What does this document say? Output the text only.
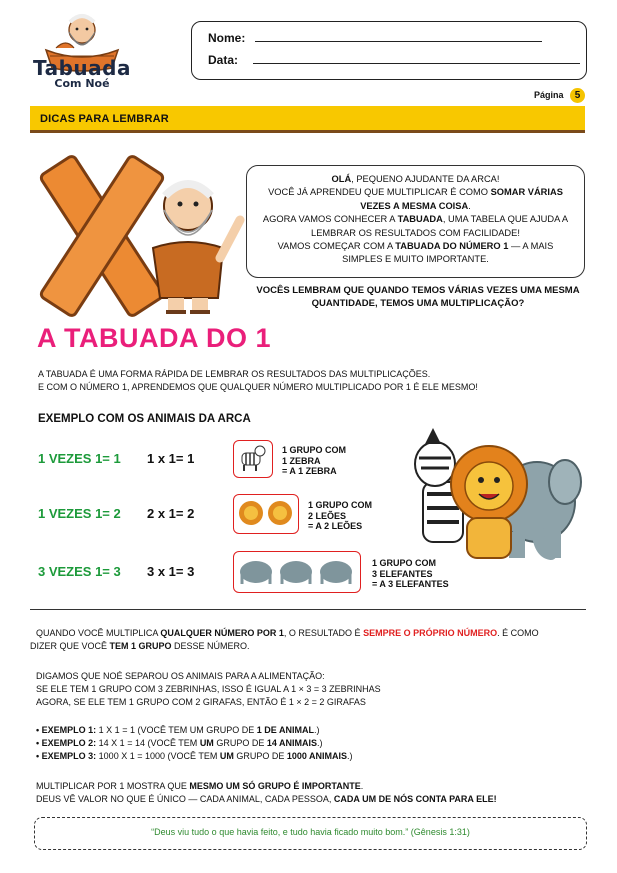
Tabuada
Com Noé
Nome:
Data:
Página	5
DICAS PARA LEMBRAR
OLÁ, PEQUENO AJUDANTE DA ARCA!
VOCÊ JÁ APRENDEU QUE MULTIPLICAR É COMO SOMAR VÁRIAS VEZES A MESMA COISA.
AGORA VAMOS CONHECER A TABUADA, UMA TABELA QUE AJUDA A LEMBRAR OS RESULTADOS COM FACILIDADE!
VAMOS COMEÇAR COM A TABUADA DO NÚMERO 1 — A MAIS SIMPLES E MUITO IMPORTANTE.
VOCÊS LEMBRAM QUE QUANDO TEMOS VÁRIAS VEZES UMA MESMA QUANTIDADE, TEMOS UMA MULTIPLICAÇÃO?
A TABUADA DO 1
A TABUADA É UMA FORMA RÁPIDA DE LEMBRAR OS RESULTADOS DAS MULTIPLICAÇÕES.
E COM O NÚMERO 1, APRENDEMOS QUE QUALQUER NÚMERO MULTIPLICADO POR 1 É ELE MESMO!
EXEMPLO COM OS ANIMAIS DA ARCA
1 VEZES 1= 1 1 x 1= 1
1 GRUPO COM
1 ZEBRA
= A 1 ZEBRA
1 VEZES 1= 2 2 x 1= 2
1 GRUPO COM
2 LEÕES
= A 2 LEÕES
3 VEZES 1= 3 3 x 1= 3
1 GRUPO COM
3 ELEFANTES
= A 3 ELEFANTES
QUANDO VOCÊ MULTIPLICA QUALQUER NÚMERO POR 1, O RESULTADO É SEMPRE O PRÓPRIO NÚMERO. É COMO
DIZER QUE VOCÊ TEM 1 GRUPO DESSE NÚMERO.
DIGAMOS QUE NOÉ SEPAROU OS ANIMAIS PARA A ALIMENTAÇÃO:
SE ELE TEM 1 GRUPO COM 3 ZEBRINHAS, ISSO É IGUAL A 1 × 3 = 3 ZEBRINHAS
AGORA, SE ELE TEM 1 GRUPO COM 2 GIRAFAS, ENTÃO É 1 × 2 = 2 GIRAFAS
• EXEMPLO 1: 1 X 1 = 1 (VOCÊ TEM UM GRUPO DE 1 DE ANIMAL.)
• EXEMPLO 2: 14 X 1 = 14 (VOCÊ TEM UM GRUPO DE 14 ANIMAIS.)
• EXEMPLO 3: 1000 X 1 = 1000 (VOCÊ TEM UM GRUPO DE 1000 ANIMAIS.)
MULTIPLICAR POR 1 MOSTRA QUE MESMO UM SÓ GRUPO É IMPORTANTE.
DEUS VÊ VALOR NO QUE É ÚNICO — CADA ANIMAL, CADA PESSOA, CADA UM DE NÓS CONTA PARA ELE!
“Deus viu tudo o que havia feito, e tudo havia ficado muito bom.” (Gênesis 1:31)
